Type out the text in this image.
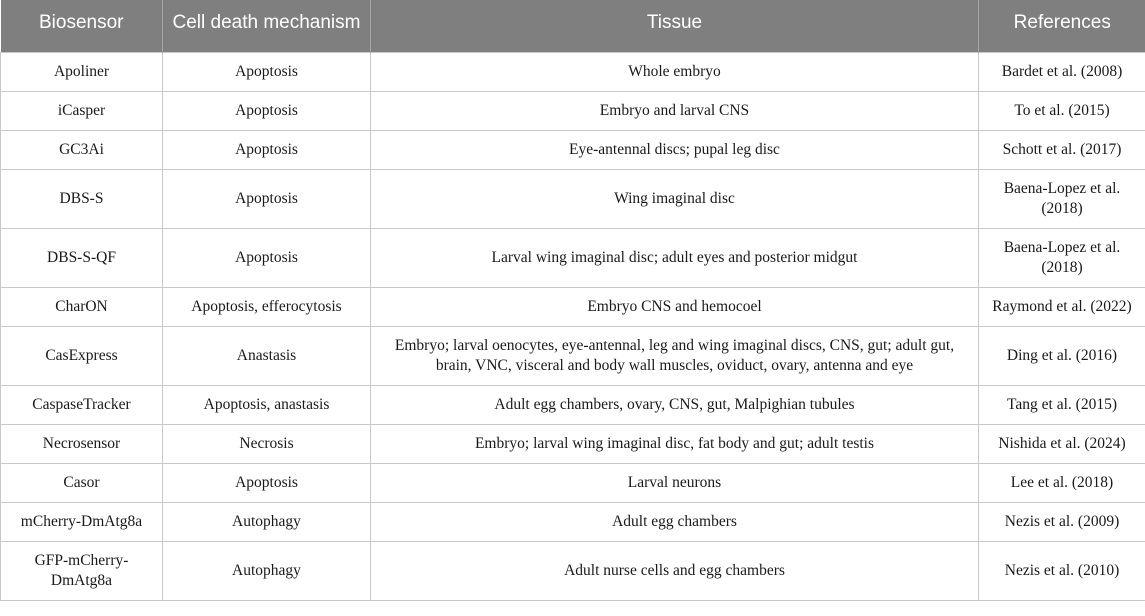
Biosensor	Cell death mechanism	Tissue	References
Apoliner	Apoptosis	Whole embryo	Bardet et al. (2008)
iCasper	Apoptosis	Embryo and larval CNS	To et al. (2015)
GC3Ai	Apoptosis	Eye-antennal discs; pupal leg disc	Schott et al. (2017)
DBS-S	Apoptosis	Wing imaginal disc	Baena-Lopez et al. (2018)
DBS-S-QF	Apoptosis	Larval wing imaginal disc; adult eyes and posterior midgut	Baena-Lopez et al. (2018)
CharON	Apoptosis, efferocytosis	Embryo CNS and hemocoel	Raymond et al. (2022)
CasExpress	Anastasis	Embryo; larval oenocytes, eye-antennal, leg and wing imaginal discs, CNS, gut; adult gut, brain, VNC, visceral and body wall muscles, oviduct, ovary, antenna and eye	Ding et al. (2016)
CaspaseTracker	Apoptosis, anastasis	Adult egg chambers, ovary, CNS, gut, Malpighian tubules	Tang et al. (2015)
Necrosensor	Necrosis	Embryo; larval wing imaginal disc, fat body and gut; adult testis	Nishida et al. (2024)
Casor	Apoptosis	Larval neurons	Lee et al. (2018)
mCherry-DmAtg8a	Autophagy	Adult egg chambers	Nezis et al. (2009)
GFP-mCherry-DmAtg8a	Autophagy	Adult nurse cells and egg chambers	Nezis et al. (2010)
